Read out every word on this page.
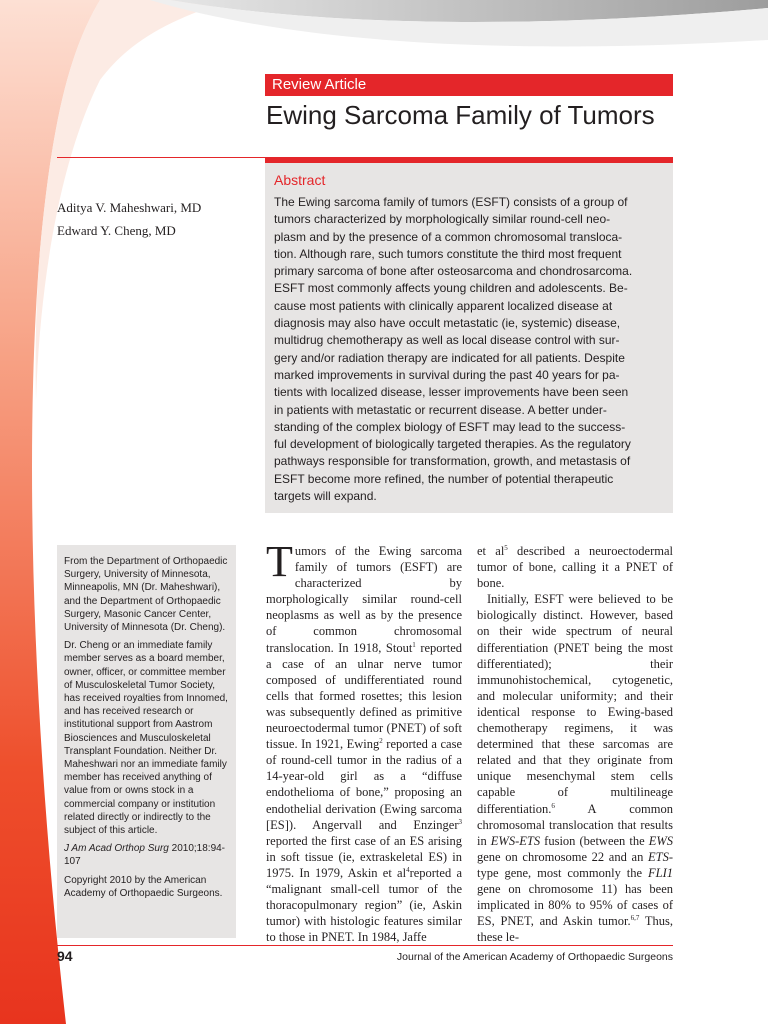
Review Article
Ewing Sarcoma Family of Tumors
Aditya V. Maheshwari, MD
Edward Y. Cheng, MD
Abstract
The Ewing sarcoma family of tumors (ESFT) consists of a group of
tumors characterized by morphologically similar round-cell neo-
plasm and by the presence of a common chromosomal transloca-
tion. Although rare, such tumors constitute the third most frequent
primary sarcoma of bone after osteosarcoma and chondrosarcoma.
ESFT most commonly affects young children and adolescents. Be-
cause most patients with clinically apparent localized disease at
diagnosis may also have occult metastatic (ie, systemic) disease,
multidrug chemotherapy as well as local disease control with sur-
gery and/or radiation therapy are indicated for all patients. Despite
marked improvements in survival during the past 40 years for pa-
tients with localized disease, lesser improvements have been seen
in patients with metastatic or recurrent disease. A better under-
standing of the complex biology of ESFT may lead to the success-
ful development of biologically targeted therapies. As the regulatory
pathways responsible for transformation, growth, and metastasis of
ESFT become more refined, the number of potential therapeutic
targets will expand.

From the Department of Orthopaedic Surgery, University of Minnesota, Minneapolis, MN (Dr. Maheshwari), and the Department of Orthopaedic Surgery, Masonic Cancer Center, University of Minnesota (Dr. Cheng).

Dr. Cheng or an immediate family member serves as a board member, owner, officer, or committee member of Musculoskeletal Tumor Society, has received royalties from Innomed, and has received research or institutional support from Aastrom Biosciences and Musculoskeletal Transplant Foundation. Neither Dr. Maheshwari nor an immediate family member has received anything of value from or owns stock in a commercial company or institution related directly or indirectly to the subject of this article.

J Am Acad Orthop Surg 2010;18:94-107

Copyright 2010 by the American Academy of Orthopaedic Surgeons.

Tumors of the Ewing sarcoma family of tumors (ESFT) are characterized by morphologically similar round-cell neoplasms as well as by the presence of common chromosomal translocation. In 1918, Stout$^1$ reported a case of an ulnar nerve tumor composed of undifferentiated round cells that formed rosettes; this lesion was subsequently defined as primitive neuroectodermal tumor (PNET) of soft tissue. In 1921, Ewing$^2$ reported a case of round-cell tumor in the radius of a 14-year-old girl as a “diffuse endothelioma of bone,” proposing an endothelial derivation (Ewing sarcoma [ES]). Angervall and Enzinger$^3$ reported the first case of an ES arising in soft tissue (ie, extraskeletal ES) in 1975. In 1979, Askin et $al^4reported$ a “malignant small-cell tumor of the thoracopulmonary region” (ie, Askin tumor) with histologic features similar to those in PNET. In 1984, Jaffe

et $al^5$ described a neuroectodermal tumor of bone, calling it a PNET of bone.

Initially, ESFT were believed to be biologically distinct. However, based on their wide spectrum of neural differentiation (PNET being the most differentiated); their immunohistochemical, cytogenetic, and molecular uniformity; and their identical response to Ewing-based chemotherapy regimens, it was determined that these sarcomas are related and that they originate from unique mesenchymal stem cells capable of multilineage differentiation.$^6$ A common chromosomal translocation that results in EWS-ETS fusion (between the EWS gene on chromosome 22 and an ETS-type gene, most commonly the FLI1 gene on chromosome 11) has been implicated in 80% to 95% of cases of ES, PNET, and Askin tumor.$^{6,7}$ Thus, these le-

94	Journal of the American Academy of Orthopaedic Surgeons
